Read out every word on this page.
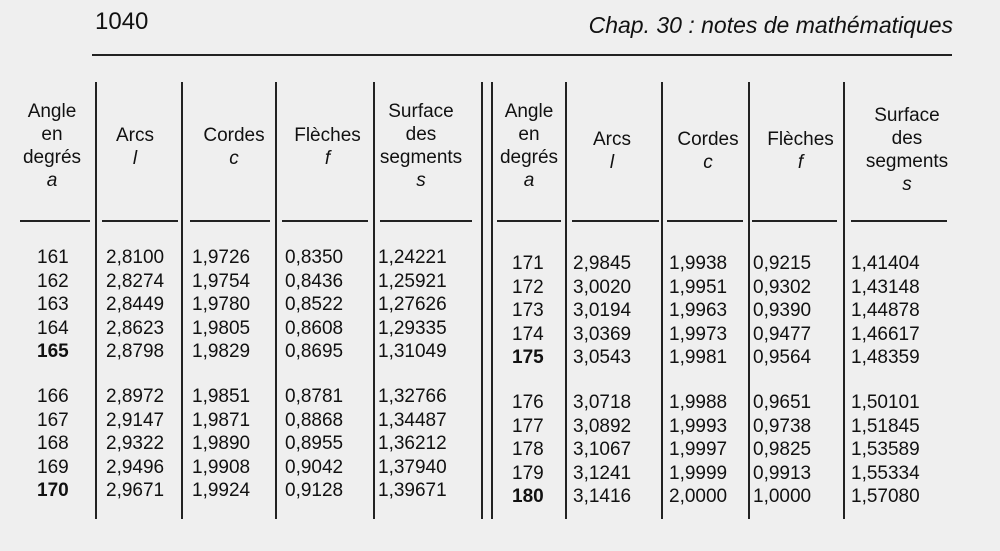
1040	Chap. 30 : notes de mathématiques
Angle
en
degrés
a
Arcs
l
Cordes
c
Flèches
f
Surface
des
segments
s
161
162
163
164
165
2,8100
2,8274
2,8449
2,8623
2,8798
1,9726
1,9754
1,9780
1,9805
1,9829
0,8350
0,8436
0,8522
0,8608
0,8695
1,24221
1,25921
1,27626
1,29335
1,31049
166
167
168
169
170
2,8972
2,9147
2,9322
2,9496
2,9671
1,9851
1,9871
1,9890
1,9908
1,9924
0,8781
0,8868
0,8955
0,9042
0,9128
1,32766
1,34487
1,36212
1,37940
1,39671
Angle
en
degrés
a
Arcs
l
Cordes
c
Flèches
f
Surface
des
segments
s
171
172
173
174
175
2,9845
3,0020
3,0194
3,0369
3,0543
1,9938
1,9951
1,9963
1,9973
1,9981
0,9215
0,9302
0,9390
0,9477
0,9564
1,41404
1,43148
1,44878
1,46617
1,48359
176
177
178
179
180
3,0718
3,0892
3,1067
3,1241
3,1416
1,9988
1,9993
1,9997
1,9999
2,0000
0,9651
0,9738
0,9825
0,9913
1,0000
1,50101
1,51845
1,53589
1,55334
1,57080
